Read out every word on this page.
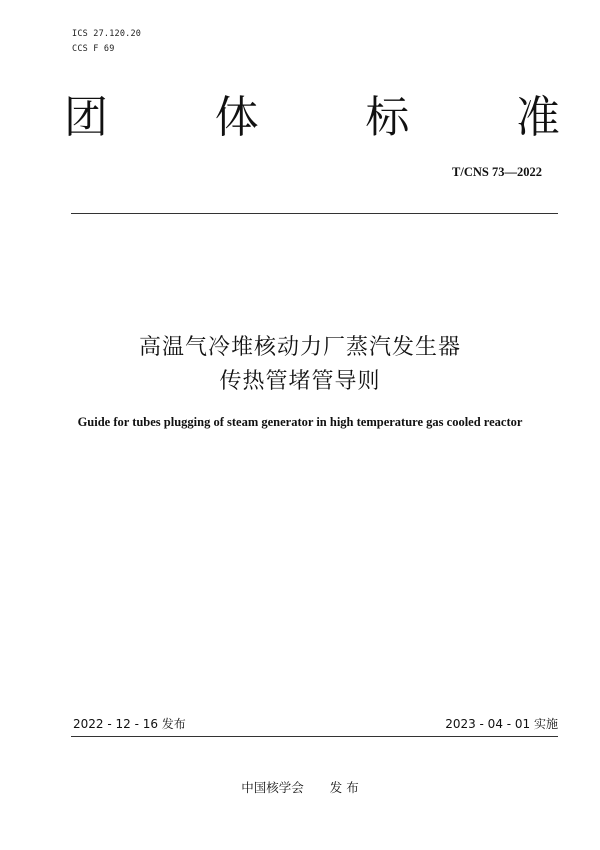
ICS 27.120.20
CCS F 69
团 体 标 准
T/CNS 73—2022
高温气冷堆核动力厂蒸汽发生器
传热管堵管导则
Guide for tubes plugging of steam generator in high temperature gas cooled reactor
2022 - 12 - 16 发布	2023 - 04 - 01 实施
中国核学会 发 布
